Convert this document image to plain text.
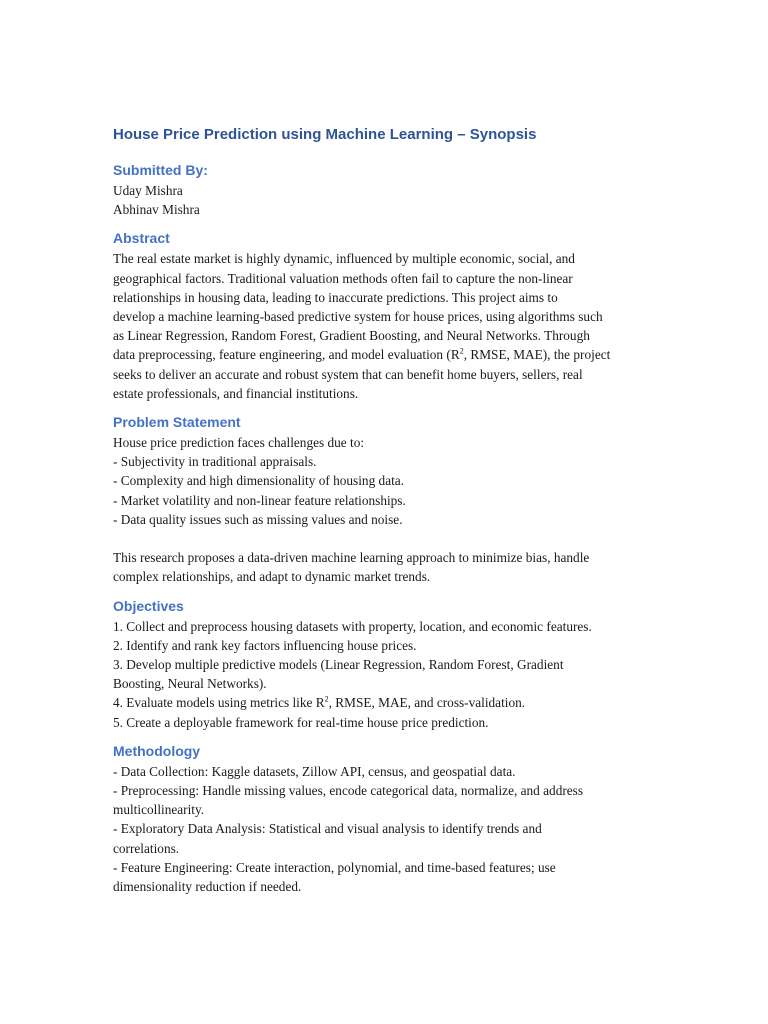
House Price Prediction using Machine Learning – Synopsis
Submitted By:
Uday Mishra
Abhinav Mishra
Abstract
The real estate market is highly dynamic, influenced by multiple economic, social, and
geographical factors. Traditional valuation methods often fail to capture the non-linear
relationships in housing data, leading to inaccurate predictions. This project aims to
develop a machine learning-based predictive system for house prices, using algorithms such
as Linear Regression, Random Forest, Gradient Boosting, and Neural Networks. Through
data preprocessing, feature engineering, and model evaluation ($R^2$, RMSE, MAE), the project
seeks to deliver an accurate and robust system that can benefit home buyers, sellers, real
estate professionals, and financial institutions.
Problem Statement
House price prediction faces challenges due to:
- Subjectivity in traditional appraisals.
- Complexity and high dimensionality of housing data.
- Market volatility and non-linear feature relationships.
- Data quality issues such as missing values and noise.
This research proposes a data-driven machine learning approach to minimize bias, handle
complex relationships, and adapt to dynamic market trends.
Objectives
1. Collect and preprocess housing datasets with property, location, and economic features.
2. Identify and rank key factors influencing house prices.
3. Develop multiple predictive models (Linear Regression, Random Forest, Gradient
Boosting, Neural Networks).
4. Evaluate models using metrics like $R^2$, RMSE, MAE, and cross-validation.
5. Create a deployable framework for real-time house price prediction.
Methodology
- Data Collection: Kaggle datasets, Zillow API, census, and geospatial data.
- Preprocessing: Handle missing values, encode categorical data, normalize, and address
multicollinearity.
- Exploratory Data Analysis: Statistical and visual analysis to identify trends and
correlations.
- Feature Engineering: Create interaction, polynomial, and time-based features; use
dimensionality reduction if needed.
